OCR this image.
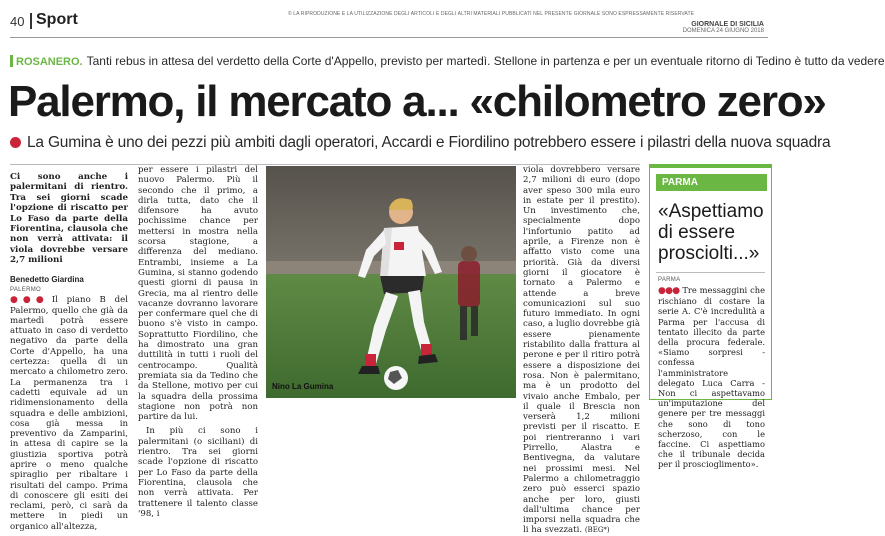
40 Sport	© LA RIPRODUZIONE E LA UTILIZZAZIONE DEGLI ARTICOLI E DEGLI ALTRI MATERIALI PUBBLICATI NEL PRESENTE GIORNALE SONO ESPRESSAMENTE RISERVATE
GIORNALE DI SICILIA
DOMENICA 24 GIUGNO 2018
ROSANERO. Tanti rebus in attesa del verdetto della Corte d'Appello, previsto per martedì. Stellone in partenza e per un eventuale ritorno di Tedino è tutto da vedere
Palermo, il mercato a... «chilometro zero»
La Gumina è uno dei pezzi più ambiti dagli operatori, Accardi e Fiordilino potrebbero essere i pilastri della nuova squadra

Ci sono anche i palermitani di rientro. Tra sei giorni scade l'opzione di riscatto per Lo Faso da parte della Fiorentina, clausola che non verrà attivata: il viola dovrebbe versare 2,7 milioni

Benedetto Giardina

PALERMO

●●● Il piano B del Palermo, quello che già da martedì potrà essere attuato in caso di verdetto negativo da parte della Corte d'Appello, ha una certezza: quella di un mercato a chilometro zero. La permanenza tra i cadetti equivale ad un ridimensionamento della squadra e delle ambizioni, cosa già messa in preventivo da Zamparini, in attesa di capire se la giustizia sportiva potrà aprire o meno qualche spiraglio per ribaltare i risultati del campo. Prima di conoscere gli esiti dei reclami, però, ci sarà da mettere in piedi un organico all'altezza,

per essere i pilastri del nuovo Palermo. Più il secondo che il primo, a dirla tutta, dato che il difensore ha avuto pochissime chance per mettersi in mostra nella scorsa stagione, a differenza del mediano. Entrambi, insieme a La Gumina, si stanno godendo questi giorni di pausa in Grecia, ma al rientro delle vacanze dovranno lavorare per confermare quel che di buono s'è visto in campo. Soprattutto Fiordilino, che ha dimostrato una gran duttilità in tutti i ruoli del centrocampo. Qualità premiata sia da Tedino che da Stellone, motivo per cui la squadra della prossima stagione non potrà non partire da lui.

In più ci sono i palermitani (o siciliani) di rientro. Tra sei giorni scade l'opzione di riscatto per Lo Faso da parte della Fiorentina, clausola che non verrà attivata. Per trattenere il talento classe '98, i

Nino La Gumina

viola dovrebbero versare 2,7 milioni di euro (dopo aver speso 300 mila euro in estate per il prestito). Un investimento che, specialmente dopo l'infortunio patito ad aprile, a Firenze non è affatto visto come una priorità. Già da diversi giorni il giocatore è tornato a Palermo e attende a breve comunicazioni sul suo futuro immediato. In ogni caso, a luglio dovrebbe già essere pienamente ristabilito dalla frattura al perone e per il ritiro potrà essere a disposizione dei rosa. Non è palermitano, ma è un prodotto del vivaio anche Embalo, per il quale il Brescia non verserà 1,2 milioni previsti per il riscatto. E poi rientreranno i vari Pirrello, Alastra e Bentivegna, da valutare nei prossimi mesi. Nel Palermo a chilometraggio zero può esserci spazio anche per loro, giusti dall'ultima chance per imporsi nella squadra che li ha svezzati. (BEG*)

PARMA
«Aspettiamo di essere prosciolti...»
PARMA

●●● Tre messaggini che rischiano di costare la serie A. C'è incredulità a Parma per l'accusa di tentato illecito da parte della procura federale. «Siamo sorpresi - confessa l'amministratore delegato Luca Carra - Non ci aspettavamo un'imputazione del genere per tre messaggi che sono di tono scherzoso, con le faccine. Ci aspettiamo che il tribunale decida per il proscioglimento».
